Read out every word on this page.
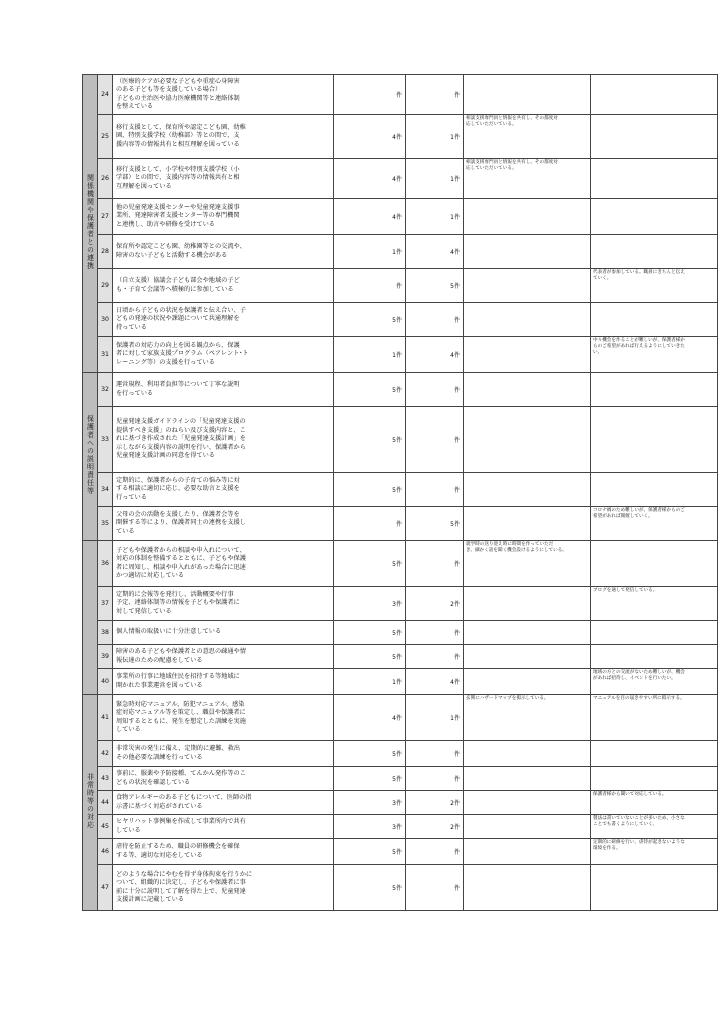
関係機関や保護者との連携	24	（医療的ケアが必要な子どもや重症心身障害
のある子ども等を支援している場合）
子どもの主治医や協力医療機関等と連絡体制
を整えている	件	件	

	25	移行支援として、保育所や認定こども園、幼稚
園、特別支援学校（幼稚部）等との間で、支
援内容等の情報共有と相互理解を図っている	4件	1件	相談支援専門員と情報を共有し、その都度対
応していただいている。	

	26	移行支援として、小学校や特別支援学校（小
学部）との間で、支援内容等の情報共有と相
互理解を図っている	4件	1件	相談支援専門員と情報を共有し、その都度対
応していただいている。	

	27	他の児童発達支援センターや児童発達支援事
業所、発達障害者支援センター等の専門機関
と連携し、助言や研修を受けている	4件	1件	

	28	保育所や認定こども園、幼稚園等との交流や、
障害のない子どもと活動する機会がある	1件	4件	

	29	（自立支援）協議会子ども部会や地域の子ど
も・子育て会議等へ積極的に参加している	件	5件		代表者が参加している。職員にきちんと伝え
ていく。

	30	日頃から子どもの状況を保護者と伝え合い、子
どもの発達の状況や課題について共通理解を
持っている	5件	件	

	31	保護者の対応力の向上を図る観点から、保護
者に対して家族支援プログラム（ペアレント･ト
レーニング等）の支援を行っている	1件	4件		中々機会を作ることが難しいが、保護者様か
らのご希望があれば行えるようにしていきた
い。

保護者への説明責任等	32	運営規程、利用者負担等について丁寧な説明
を行っている	5件	件	

	33	児童発達支援ガイドラインの「児童発達支援の
提供すべき支援」のねらい及び支援内容と、こ
れに基づき作成された「児童発達支援計画」を
示しながら支援内容の説明を行い、保護者から
児童発達支援計画の同意を得ている	5件	件	

	34	定期的に、保護者からの子育ての悩み等に対
する相談に適切に応じ、必要な助言と支援を
行っている	5件	件	

	35	父母の会の活動を支援したり、保護者会等を
開催する等により、保護者同士の連携を支援し
ている	件	5件		コロナ禍のため難しいが、保護者様からのご
希望があれば開催していく。

	36	子どもや保護者からの相談や申入れについて、
対応の体制を整備するとともに、子どもや保護
者に周知し、相談や申入れがあった場合に迅速
かつ適切に対応している	5件	件	就学時の送り迎え時に時間を作っていただ
き、細かく話を聞く機会設けるようにしている。	

	37	定期的に会報等を発行し、活動概要や行事
予定、連絡体制等の情報を子どもや保護者に
対して発信している	3件	2件		ブログを通して発信している。

	38	個人情報の取扱いに十分注意している	5件	件	

	39	障害のある子どもや保護者との意思の疎通や情
報伝達のための配慮をしている	5件	件	

	40	事業所の行事に地域住民を招待する等地域に
開かれた事業運営を図っている	1件	4件		地域の方との交流がないため難しいが、機会
があれば招待し、イベントを行いたい。

非常時等の対応	41	緊急時対応マニュアル、防犯マニュアル、感染
症対応マニュアル等を策定し、職員や保護者に
周知するとともに、発生を想定した訓練を実施
している	4件	1件	玄関にハザードマップを掲示している。	マニュアルを目の届きやすい所に掲示する。

	42	非常災害の発生に備え、定期的に避難、救出
その他必要な訓練を行っている	5件	件	

	43	事前に、服薬や予防接種、てんかん発作等のこ
どもの状況を確認している	5件	件	

	44	食物アレルギーのある子どもについて、医師の指
示書に基づく対応がされている	3件	2件		保護者様から聞いて対応している。

	45	ヒヤリハット事例集を作成して事業所内で共有
している	3件	2件		製法は書いていないことが多いため、小さな
ことでも書くようにしていく。

	46	虐待を防止するため、職員の研修機会を確保
する等、適切な対応をしている	5件	件		定期的に研修を行い、虐待が起きないような
環境を作る。

	47	どのような場合にやむを得ず身体拘束を行うかに
ついて、組織的に決定し、子どもや保護者に事
前に十分に説明して了解を得た上で、児童発達
支援計画に記載している	5件	件	
